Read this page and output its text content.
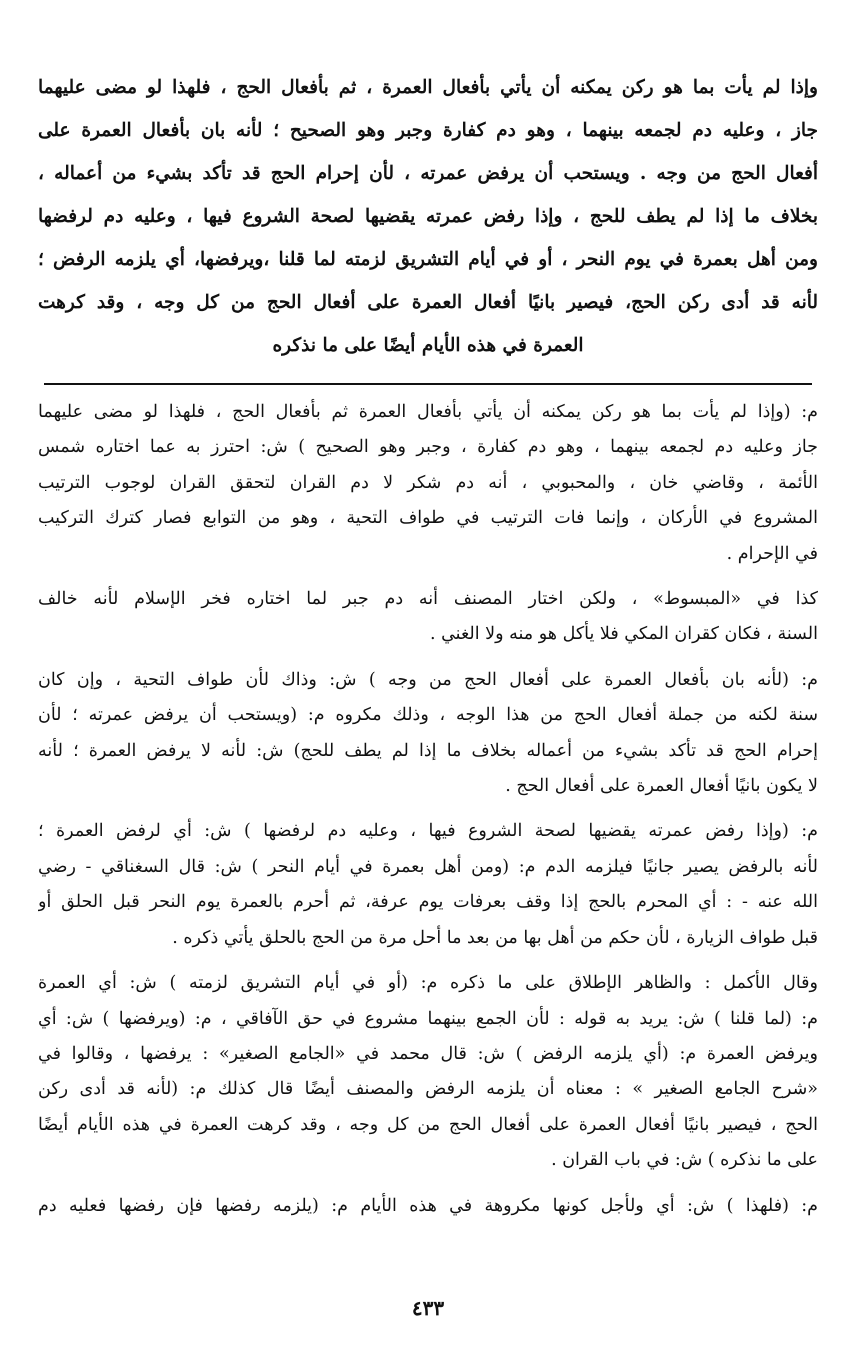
وإذا لم يأت بما هو ركن يمكنه أن يأتي بأفعال العمرة ، ثم بأفعال الحج ، فلهذا لو مضى عليهما

جاز ، وعليه دم لجمعه بينهما ، وهو دم كفارة وجبر وهو الصحيح ؛ لأنه بان بأفعال العمرة على

أفعال الحج من وجه . ويستحب أن يرفض عمرته ، لأن إحرام الحج قد تأكد بشيء من أعماله ،

بخلاف ما إذا لم يطف للحج ، وإذا رفض عمرته يقضيها لصحة الشروع فيها ، وعليه دم لرفضها

ومن أهل بعمرة في يوم النحر ، أو في أيام التشريق لزمته لما قلنا ،ويرفضها، أي يلزمه الرفض ؛

لأنه قد أدى ركن الحج، فيصير بانيًا أفعال العمرة على أفعال الحج من كل وجه ، وقد كرهت

العمرة في هذه الأيام أيضًا على ما نذكره

م: (وإذا لم يأت بما هو ركن يمكنه أن يأتي بأفعال العمرة ثم بأفعال الحج ، فلهذا لو مضى عليهما
جاز وعليه دم لجمعه بينهما ، وهو دم كفارة ، وجبر وهو الصحيح ) ش: احترز به عما اختاره شمس
الأئمة ، وقاضي خان ، والمحبوبي ، أنه دم شكر لا دم القران لتحقق القران لوجوب الترتيب
المشروع في الأركان ، وإنما فات الترتيب في طواف التحية ، وهو من التوابع فصار كترك التركيب
في الإحرام .
كذا في «المبسوط» ، ولكن اختار المصنف أنه دم جبر لما اختاره فخر الإسلام لأنه خالف
السنة ، فكان كقران المكي فلا يأكل هو منه ولا الغني .
م: (لأنه بان بأفعال العمرة على أفعال الحج من وجه ) ش: وذاك لأن طواف التحية ، وإن كان
سنة لكنه من جملة أفعال الحج من هذا الوجه ، وذلك مكروه م: (ويستحب أن يرفض عمرته ؛ لأن
إحرام الحج قد تأكد بشيء من أعماله بخلاف ما إذا لم يطف للحج) ش: لأنه لا يرفض العمرة ؛ لأنه
لا يكون بانيًا أفعال العمرة على أفعال الحج .
م: (وإذا رفض عمرته يقضيها لصحة الشروع فيها ، وعليه دم لرفضها ) ش: أي لرفض العمرة ؛
لأنه بالرفض يصير جانيًا فيلزمه الدم م: (ومن أهل بعمرة في أيام النحر ) ش: قال السغناقي - رضي
الله عنه - : أي المحرم بالحج إذا وقف بعرفات يوم عرفة، ثم أحرم بالعمرة يوم النحر قبل الحلق أو
قبل طواف الزيارة ، لأن حكم من أهل بها من بعد ما أحل مرة من الحج بالحلق يأتي ذكره .
وقال الأكمل : والظاهر الإطلاق على ما ذكره م: (أو في أيام التشريق لزمته ) ش: أي العمرة
م: (لما قلنا ) ش: يريد به قوله : لأن الجمع بينهما مشروع في حق الآفاقي ، م: (ويرفضها ) ش: أي
ويرفض العمرة م: (أي يلزمه الرفض ) ش: قال محمد في «الجامع الصغير» : يرفضها ، وقالوا في
«شرح الجامع الصغير » : معناه أن يلزمه الرفض والمصنف أيضًا قال كذلك م: (لأنه قد أدى ركن
الحج ، فيصير بانيًا أفعال العمرة على أفعال الحج من كل وجه ، وقد كرهت العمرة في هذه الأيام أيضًا
على ما نذكره ) ش: في باب القران .
م: (فلهذا ) ش: أي ولأجل كونها مكروهة في هذه الأيام م: (يلزمه رفضها فإن رفضها فعليه دم
٤٣٣
